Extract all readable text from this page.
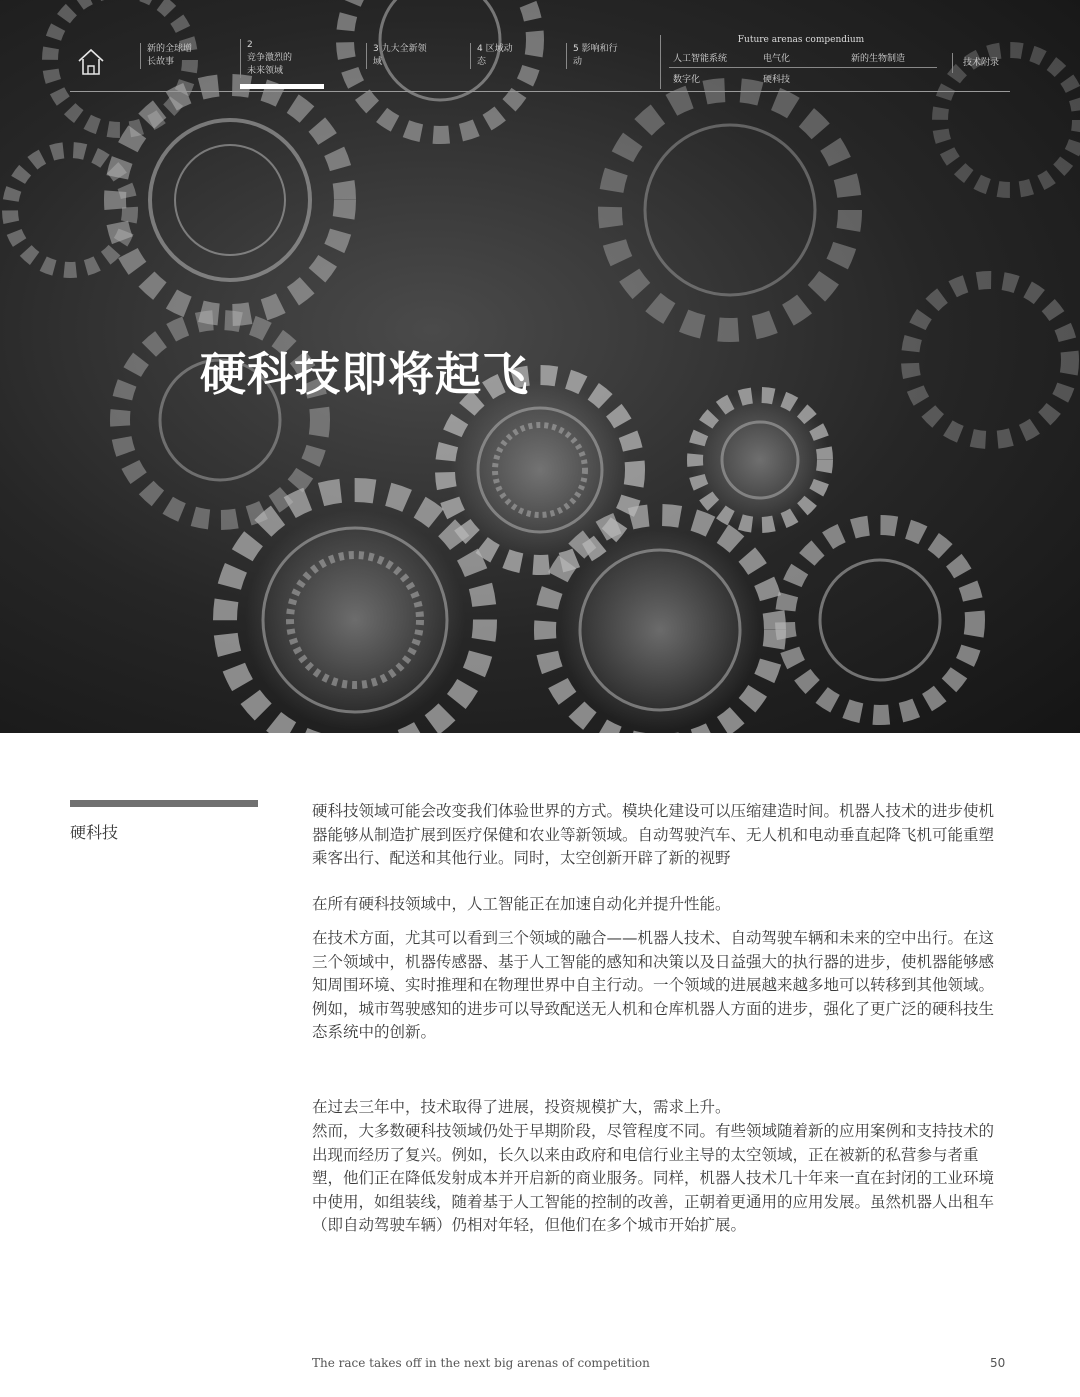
新的全球增
长故事
2
竞争激烈的
未来领域
3 九大全新领
域
4 区域动
态
5 影响和行
动
Future arenas compendium
人工智能系统	电气化	新的生物制造
数字化	硬科技
技术附录
硬科技即将起飞
硬科技

硬科技领域可能会改变我们体验世界的方式。模块化建设可以压缩建造时间。机器人技术的进步使机器能够从制造扩展到医疗保健和农业等新领域。自动驾驶汽车、无人机和电动垂直起降飞机可能重塑乘客出行、配送和其他行业。同时，太空创新开辟了新的视野

在所有硬科技领域中，人工智能正在加速自动化并提升性能。

在技术方面，尤其可以看到三个领域的融合——机器人技术、自动驾驶车辆和未来的空中出行。在这三个领域中，机器传感器、基于人工智能的感知和决策以及日益强大的执行器的进步，使机器能够感知周围环境、实时推理和在物理世界中自主行动。一个领域的进展越来越多地可以转移到其他领域。例如，城市驾驶感知的进步可以导致配送无人机和仓库机器人方面的进步，强化了更广泛的硬科技生态系统中的创新。

在过去三年中，技术取得了进展，投资规模扩大，需求上升。

然而，大多数硬科技领域仍处于早期阶段，尽管程度不同。有些领域随着新的应用案例和支持技术的出现而经历了复兴。例如，长久以来由政府和电信行业主导的太空领域，正在被新的私营参与者重塑，他们正在降低发射成本并开启新的商业服务。同样，机器人技术几十年来一直在封闭的工业环境中使用，如组装线，随着基于人工智能的控制的改善，正朝着更通用的应用发展。虽然机器人出租车（即自动驾驶车辆）仍相对年轻，但他们在多个城市开始扩展。

The race takes off in the next big arenas of competition	50
